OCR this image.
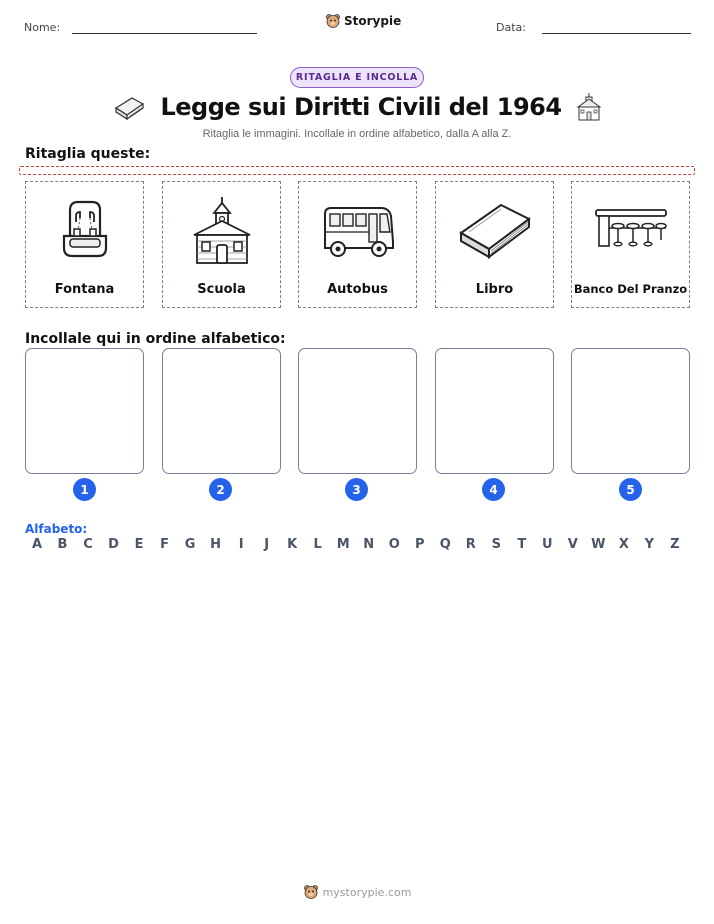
Nome:	Storypie	Data:
RITAGLIA E INCOLLA
Legge sui Diritti Civili del 1964
Ritaglia le immagini. Incollale in ordine alfabetico, dalla A alla Z.
Ritaglia queste:
Fontana	Scuola	Autobus	Libro	Banco Del Pranzo
Incollale qui in ordine alfabetico:
1	2	3	4	5
Alfabeto:
A	B	C	D	E	F	G	H	I	J	K	L	M	N	O	P	Q	R	S	T	U	V	W	X	Y	Z
mystorypie.com
